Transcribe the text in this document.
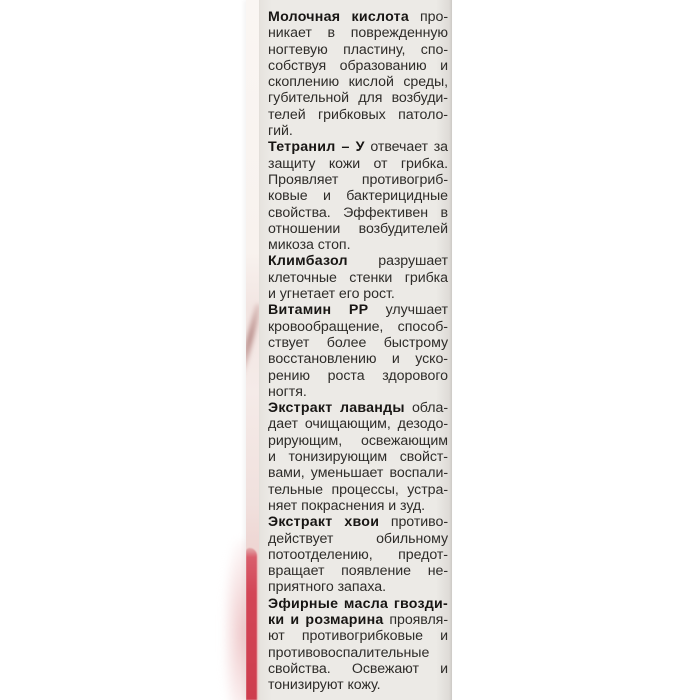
Молочная кислота про-
никает в поврежденную
ногтевую пластину, спо-
собствуя образованию и
скоплению кислой среды,
губительной для возбуди-
телей грибковых патоло-
гий.
Тетранил – У отвечает за
защиту кожи от грибка.
Проявляет противогриб-
ковые и бактерицидные
свойства. Эффективен в
отношении возбудителей
микоза стоп.
Климбазол разрушает
клеточные стенки грибка
и угнетает его рост.
Витамин PP улучшает
кровообращение, способ-
ствует более быстрому
восстановлению и уско-
рению роста здорового
ногтя.
Экстракт лаванды обла-
дает очищающим, дезодо-
рирующим, освежающим
и тонизирующим свойст-
вами, уменьшает воспали-
тельные процессы, устра-
няет покраснения и зуд.
Экстракт хвои противо-
действует обильному
потоотделению, предот-
вращает появление не-
приятного запаха.
Эфирные масла гвозди-
ки и розмарина проявля-
ют противогрибковые и
противовоспалительные
свойства. Освежают и
тонизируют кожу.
